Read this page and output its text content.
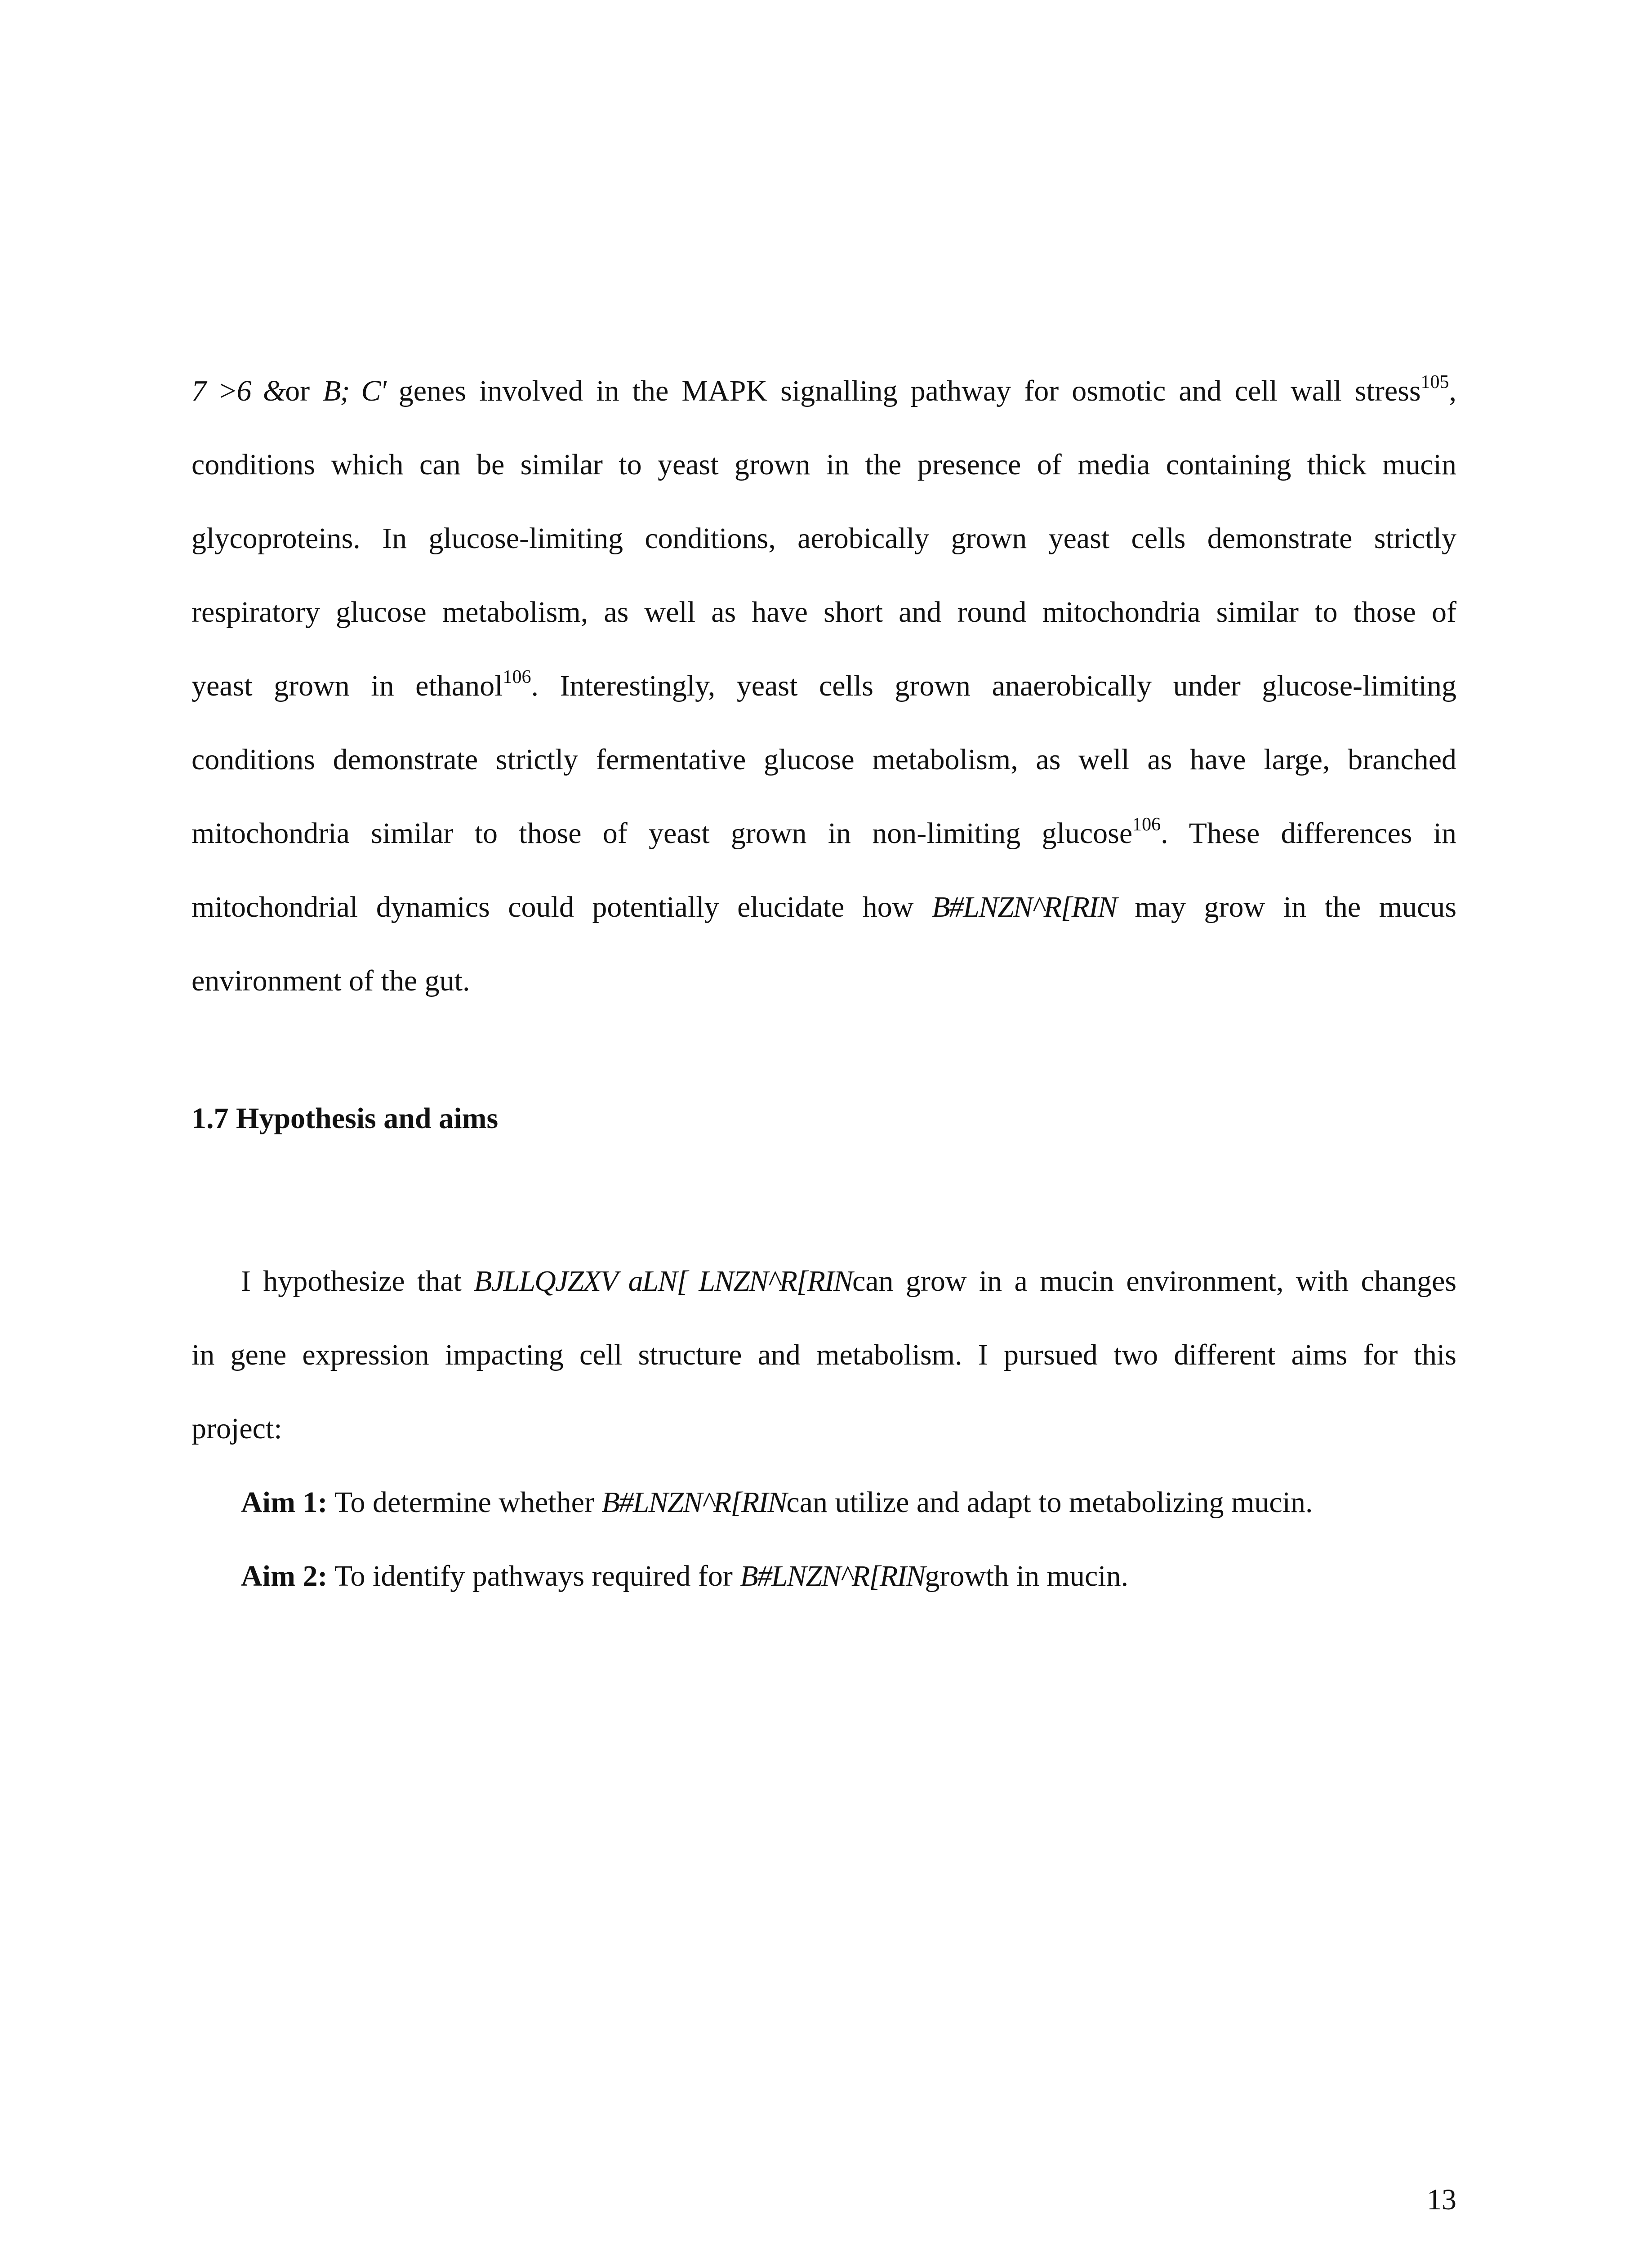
7 >6 &or B; C' genes involved in the MAPK signalling pathway for osmotic and cell wall stress$^{105}$,
conditions which can be similar to yeast grown in the presence of media containing thick mucin
glycoproteins. In glucose-limiting conditions, aerobically grown yeast cells demonstrate strictly
respiratory glucose metabolism, as well as have short and round mitochondria similar to those of
yeast grown in ethanol$^{106}$. Interestingly, yeast cells grown anaerobically under glucose-limiting
conditions demonstrate strictly fermentative glucose metabolism, as well as have large, branched
mitochondria similar to those of yeast grown in non-limiting glucose$^{106}$. These differences in
mitochondrial dynamics could potentially elucidate how B#LNZN^R[RIN may grow in the mucus
environment of the gut.
1.7 Hypothesis and aims
I hypothesize that BJLLQJZXV aLN[ LNZN^R[RINcan grow in a mucin environment, with changes
in gene expression impacting cell structure and metabolism. I pursued two different aims for this
project:
Aim 1: To determine whether B#LNZN^R[RINcan utilize and adapt to metabolizing mucin.
Aim 2: To identify pathways required for B#LNZN^R[RINgrowth in mucin.
13
